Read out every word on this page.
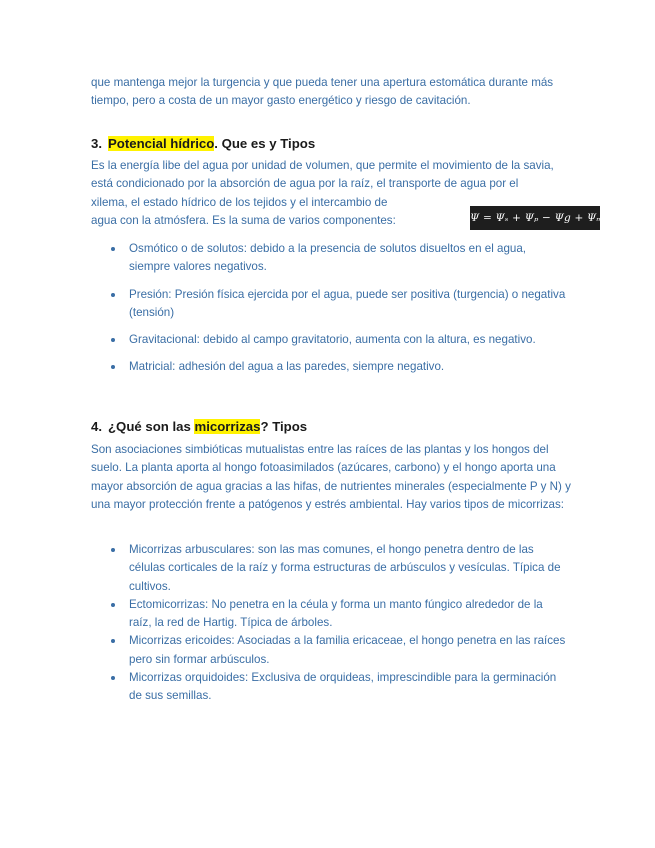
que mantenga mejor la turgencia y que pueda tener una apertura estomática durante más tiempo, pero a costa de un mayor gasto energético y riesgo de cavitación.

3. Potencial hídrico. Que es y Tipos

Es la energía libe del agua por unidad de volumen, que permite el movimiento de la savia, está condicionado por la absorción de agua por la raíz, el transporte de agua por el xilema, el estado hídrico de los tejidos y el intercambio de

agua con la atmósfera. Es la suma de varios componentes:	Ψ = Ψₛ + Ψₚ − Ψ𝑔 + Ψₘ
Osmótico o de solutos: debido a la presencia de solutos disueltos en el agua, siempre valores negativos.
Presión: Presión física ejercida por el agua, puede ser positiva (turgencia) o negativa (tensión)
Gravitacional: debido al campo gravitatorio, aumenta con la altura, es negativo.
Matricial: adhesión del agua a las paredes, siempre negativo.
4. ¿Qué son las micorrizas? Tipos

Son asociaciones simbióticas mutualistas entre las raíces de las plantas y los hongos del suelo. La planta aporta al hongo fotoasimilados (azúcares, carbono) y el hongo aporta una mayor absorción de agua gracias a las hifas, de nutrientes minerales (especialmente P y N) y una mayor protección frente a patógenos y estrés ambiental. Hay varios tipos de micorrizas:

Micorrizas arbusculares: son las mas comunes, el hongo penetra dentro de las células corticales de la raíz y forma estructuras de arbúsculos y vesículas. Típica de cultivos.
Ectomicorrizas: No penetra en la céula y forma un manto fúngico alrededor de la raíz, la red de Hartig. Típica de árboles.
Micorrizas ericoides: Asociadas a la familia ericaceae, el hongo penetra en las raíces pero sin formar arbúsculos.
Micorrizas orquidoides: Exclusiva de orquideas, imprescindible para la germinación de sus semillas.
